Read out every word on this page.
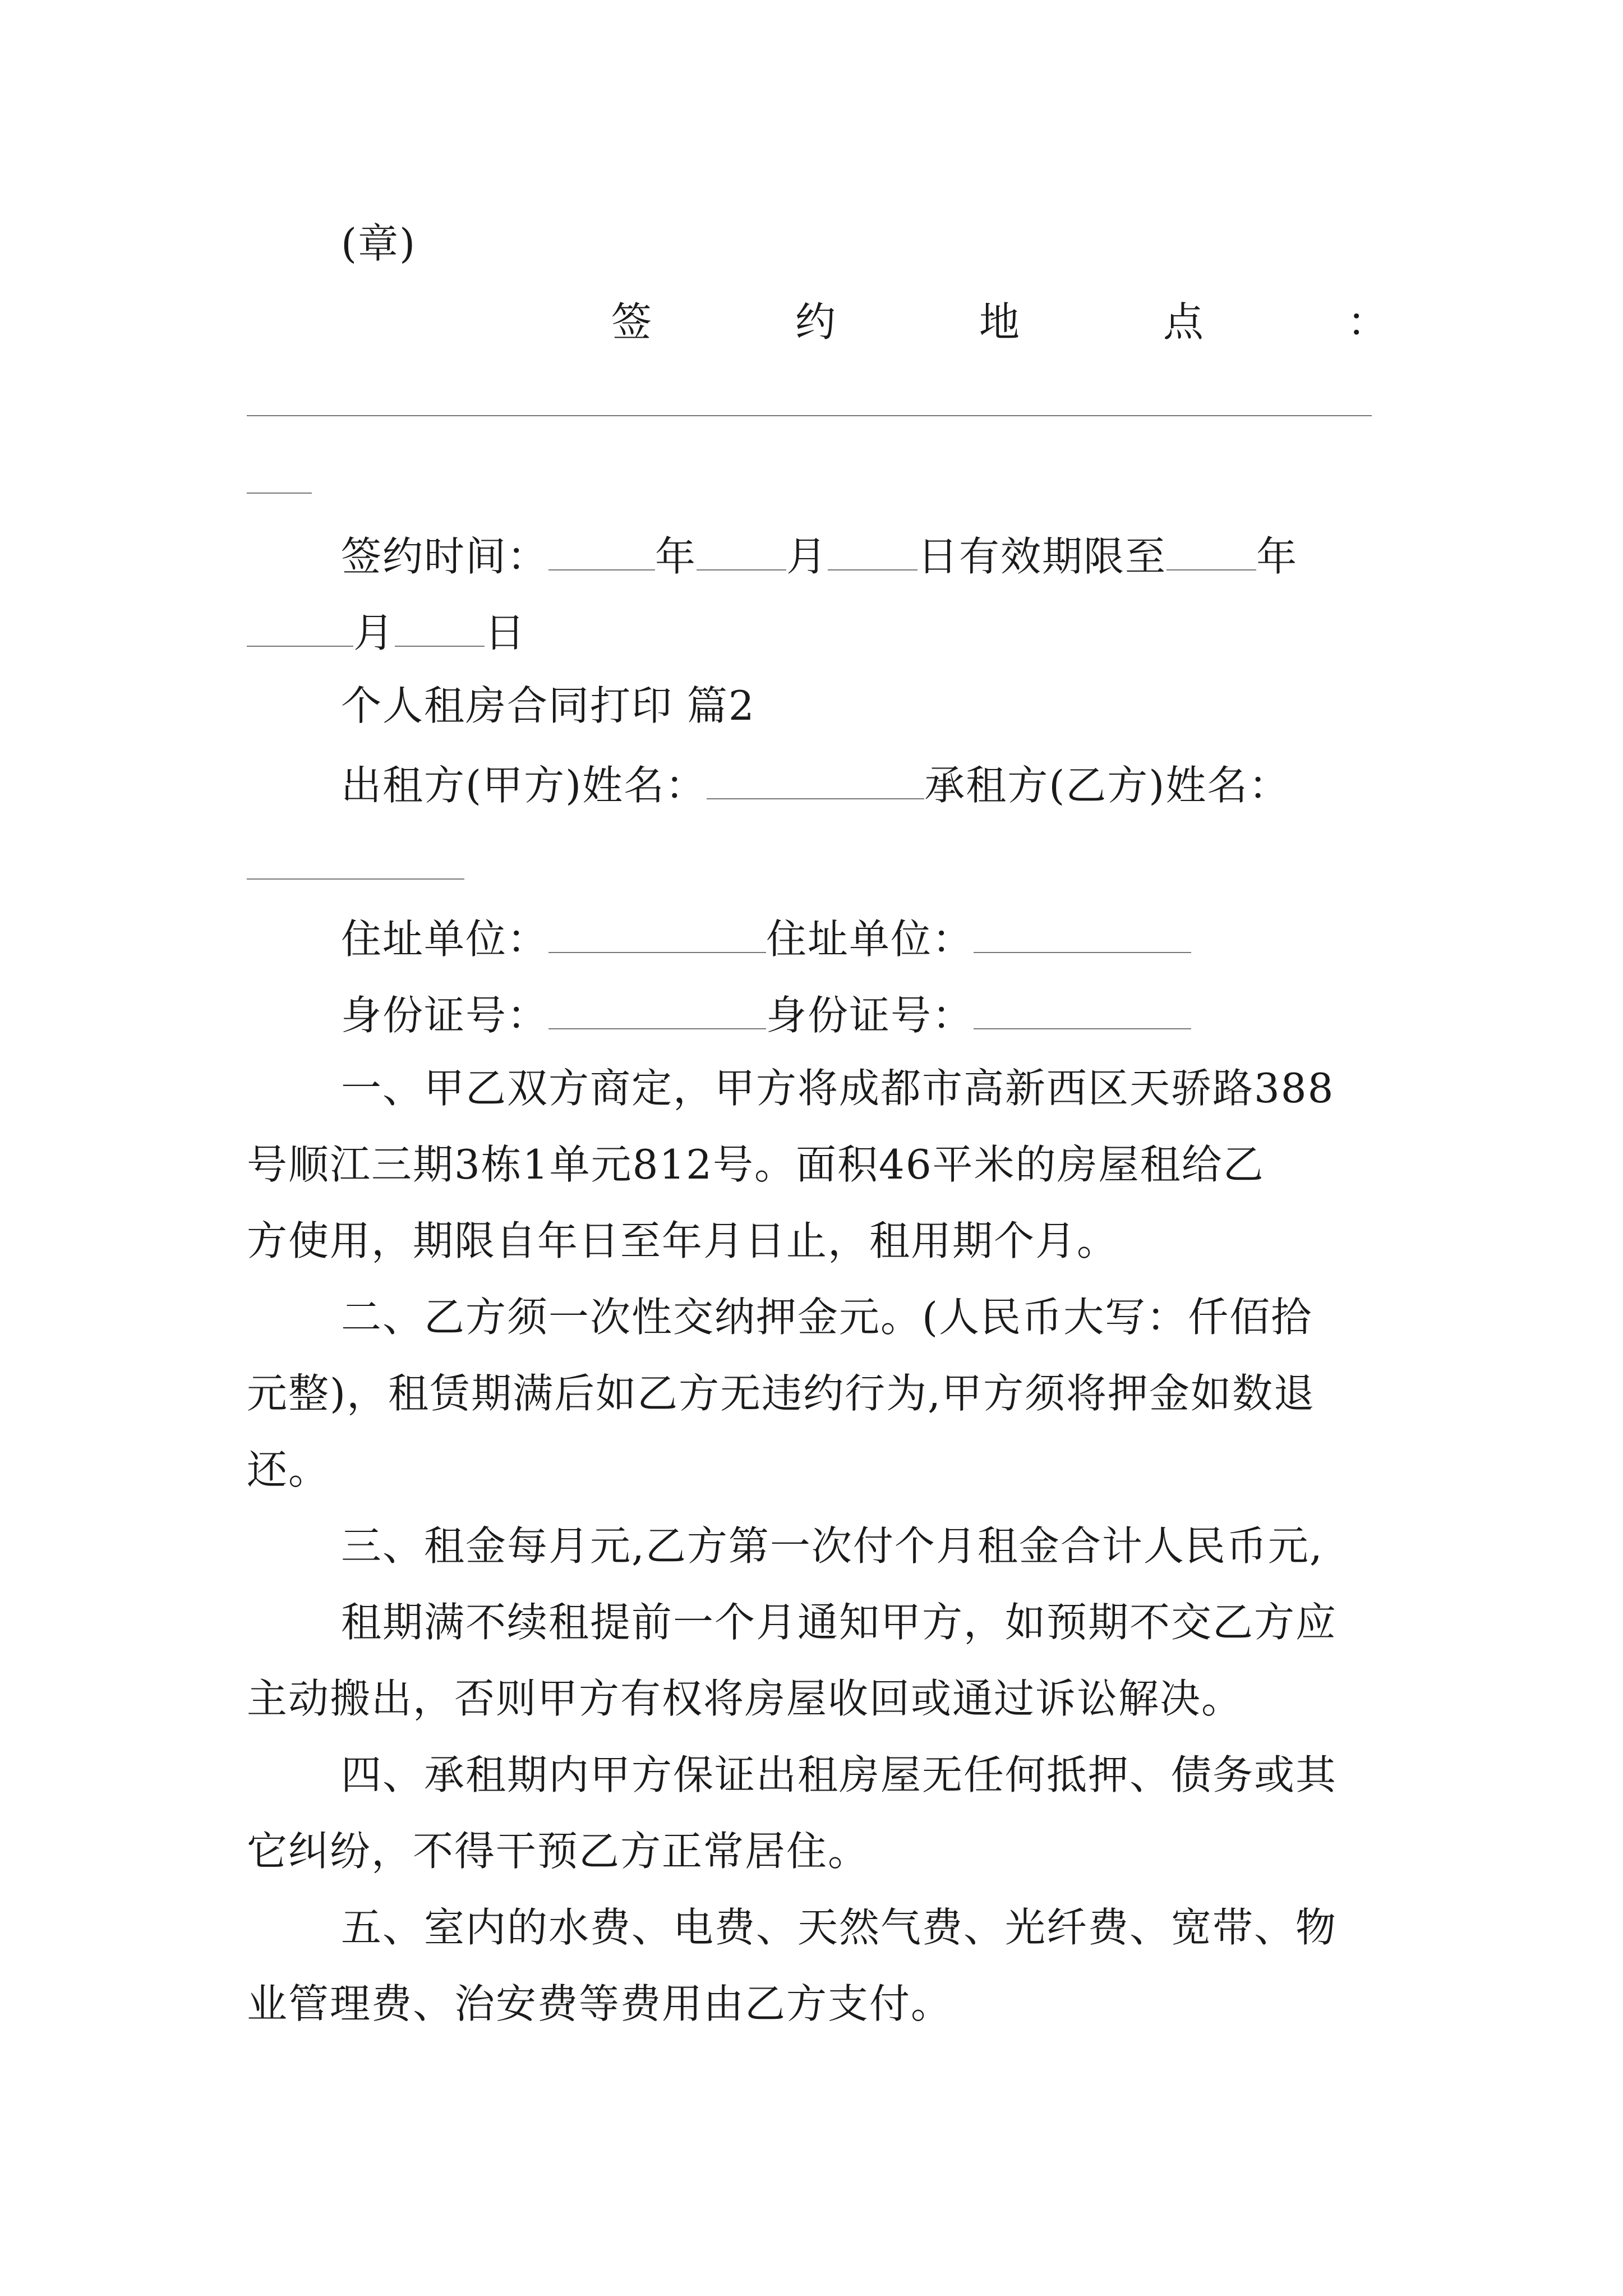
(章)
签	约	地	点	：
签约时间：	年 月 日有效期限至 年
月 日
个人租房合同打印 篇2
出租方(甲方)姓名：	承租方(乙方)姓名：
住址单位：	住址单位：
身份证号：	身份证号：
一、甲乙双方商定，甲方将成都市高新西区天骄路388
号顺江三期3栋1单元812号。面积46平米的房屋租给乙
方使用，期限自年日至年月日止，租用期个月。
二、乙方须一次性交纳押金元。(人民币大写：仟佰拾
元整)，租赁期满后如乙方无违约行为,甲方须将押金如数退
还。
三、租金每月元,乙方第一次付个月租金合计人民币元,
租期满不续租提前一个月通知甲方，如预期不交乙方应
主动搬出，否则甲方有权将房屋收回或通过诉讼解决。
四、承租期内甲方保证出租房屋无任何抵押、债务或其
它纠纷，不得干预乙方正常居住。
五、室内的水费、电费、天然气费、光纤费、宽带、物
业管理费、治安费等费用由乙方支付。
